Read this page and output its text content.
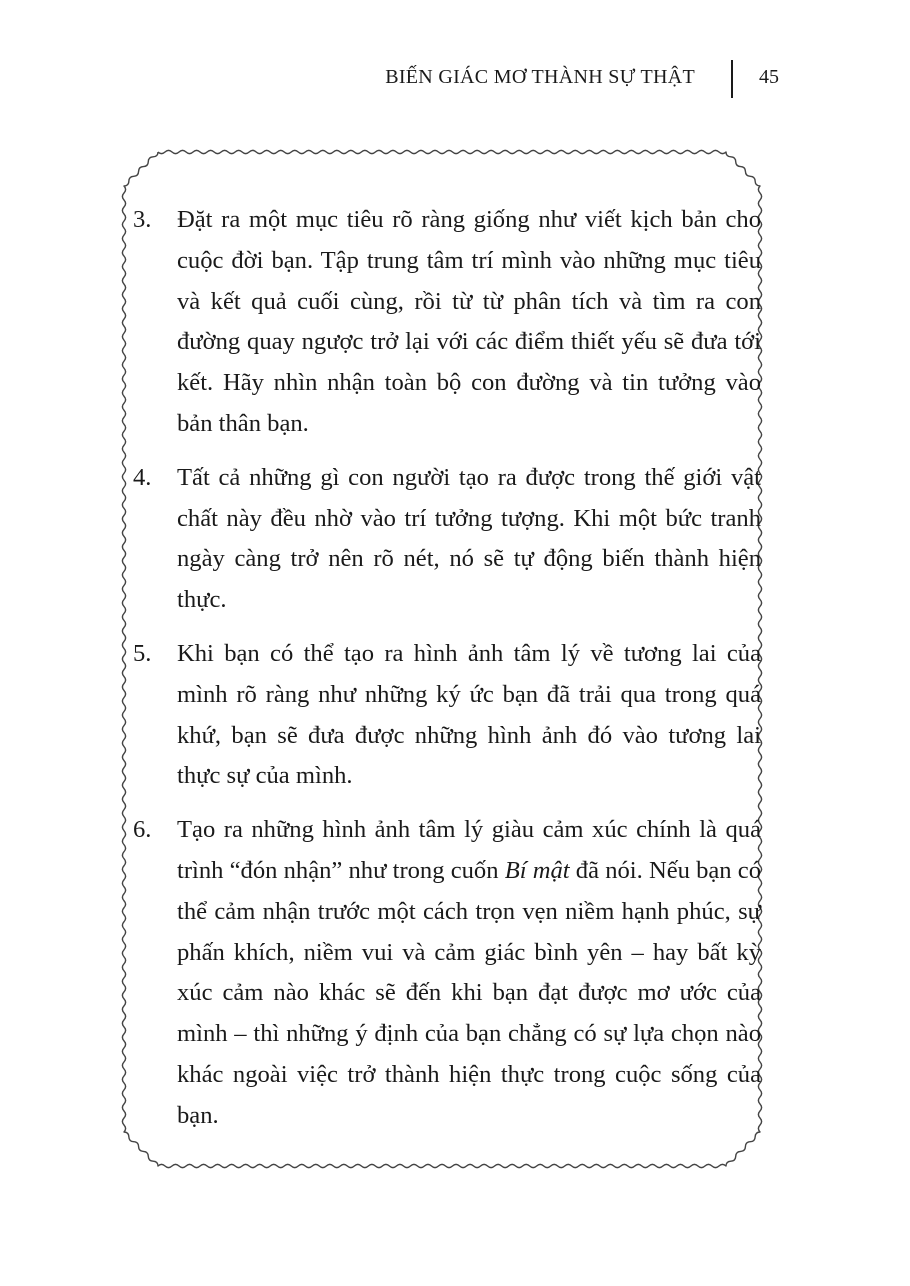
BIẾN GIÁC MƠ THÀNH SỰ THẬT	45
3.	Đặt ra một mục tiêu rõ ràng giống như viết kịch bản cho cuộc đời bạn. Tập trung tâm trí mình vào những mục tiêu và kết quả cuối cùng, rồi từ từ phân tích và tìm ra con đường quay ngược trở lại với các điểm thiết yếu sẽ đưa tới kết. Hãy nhìn nhận toàn bộ con đường và tin tưởng vào bản thân bạn.
4.	Tất cả những gì con người tạo ra được trong thế giới vật chất này đều nhờ vào trí tưởng tượng. Khi một bức tranh ngày càng trở nên rõ nét, nó sẽ tự động biến thành hiện thực.
5.	Khi bạn có thể tạo ra hình ảnh tâm lý về tương lai của mình rõ ràng như những ký ức bạn đã trải qua trong quá khứ, bạn sẽ đưa được những hình ảnh đó vào tương lai thực sự của mình.
6.	Tạo ra những hình ảnh tâm lý giàu cảm xúc chính là quá trình “đón nhận” như trong cuốn Bí mật đã nói. Nếu bạn có thể cảm nhận trước một cách trọn vẹn niềm hạnh phúc, sự phấn khích, niềm vui và cảm giác bình yên – hay bất kỳ xúc cảm nào khác sẽ đến khi bạn đạt được mơ ước của mình – thì những ý định của bạn chẳng có sự lựa chọn nào khác ngoài việc trở thành hiện thực trong cuộc sống của bạn.
